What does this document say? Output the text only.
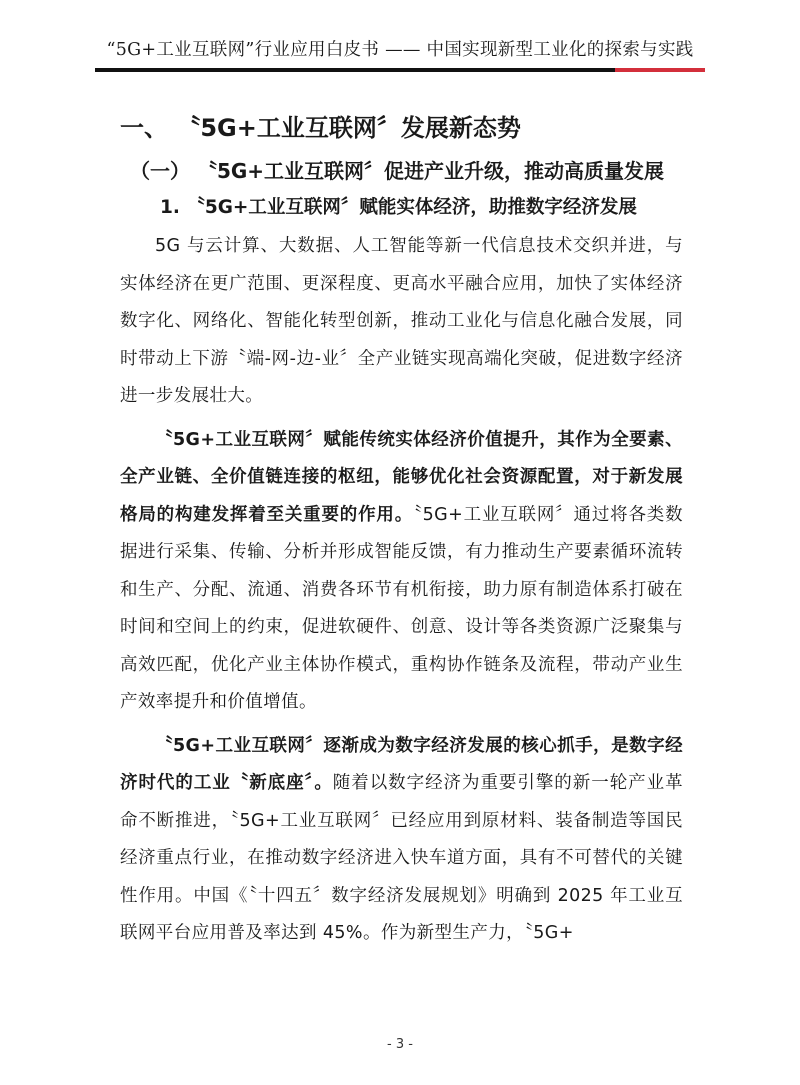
“5G+工业互联网”行业应用白皮书 —— 中国实现新型工业化的探索与实践
一、 〝5G+工业互联网〞发展新态势
（一） 〝5G+工业互联网〞促进产业升级，推动高质量发展
1. 〝5G+工业互联网〞赋能实体经济，助推数字经济发展

5G 与云计算、大数据、人工智能等新一代信息技术交织并进，与实体经济在更广范围、更深程度、更高水平融合应用，加快了实体经济数字化、网络化、智能化转型创新，推动工业化与信息化融合发展，同时带动上下游〝端-网-边-业〞全产业链实现高端化突破，促进数字经济进一步发展壮大。

〝5G+工业互联网〞赋能传统实体经济价值提升，其作为全要素、全产业链、全价值链连接的枢纽，能够优化社会资源配置，对于新发展格局的构建发挥着至关重要的作用。〝5G+工业互联网〞通过将各类数据进行采集、传输、分析并形成智能反馈，有力推动生产要素循环流转和生产、分配、流通、消费各环节有机衔接，助力原有制造体系打破在时间和空间上的约束，促进软硬件、创意、设计等各类资源广泛聚集与高效匹配，优化产业主体协作模式，重构协作链条及流程，带动产业生产效率提升和价值增值。

〝5G+工业互联网〞逐渐成为数字经济发展的核心抓手，是数字经济时代的工业〝新底座〞。随着以数字经济为重要引擎的新一轮产业革命不断推进，〝5G+工业互联网〞已经应用到原材料、装备制造等国民经济重点行业，在推动数字经济进入快车道方面，具有不可替代的关键性作用。中国《〝十四五〞数字经济发展规划》明确到 2025 年工业互联网平台应用普及率达到 45%。作为新型生产力，〝5G+

- 3 -
